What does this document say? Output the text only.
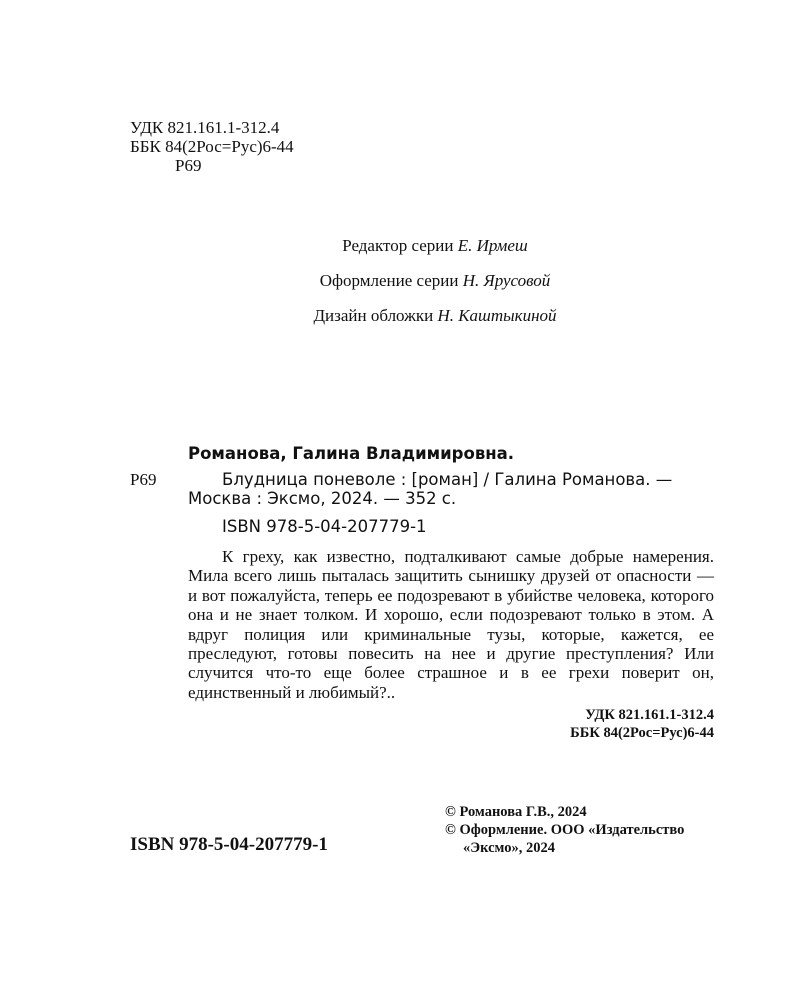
УДК 821.161.1-312.4
ББК 84(2Рос=Рус)6-44
Р69
Редактор серии Е. Ирмеш
Оформление серии Н. Ярусовой
Дизайн обложки Н. Каштыкиной
Романова, Галина Владимировна.
Р69	Блудница поневоле : [роман] / Галина Романова. —
Москва : Эксмо, 2024. — 352 с.
ISBN 978-5-04-207779-1

К греху, как известно, подталкивают самые добрые намерения. Мила всего лишь пыталась защитить сынишку друзей от опасности — и вот пожалуйста, теперь ее подозревают в убийстве человека, которого она и не знает толком. И хорошо, если подозревают только в этом. А вдруг полиция или криминальные тузы, которые, кажется, ее преследуют, готовы повесить на нее и другие преступления? Или случится что-то еще более страшное и в ее грехи поверит он, единственный и любимый?..

УДК 821.161.1-312.4
ББК 84(2Рос=Рус)6-44
ISBN 978-5-04-207779-1
© Романова Г.В., 2024
© Оформление. ООО «Издательство
«Эксмо», 2024
